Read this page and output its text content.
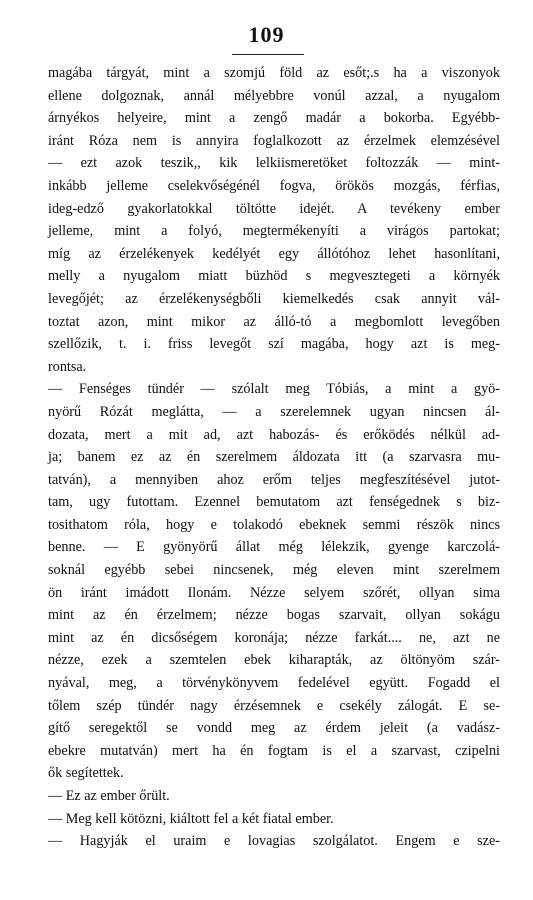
109
magába tárgyát, mint a szomjú föld az esőt;.s ha a viszonyok
ellene dolgoznak, annál mélyebbre vonúl azzal, a nyugalom
árnyékos helyeire, mint a zengő madár a bokorba. Egyébb-
iránt Róza nem is annyira foglalkozott az érzelmek elemzésével
— ezt azok teszik,, kik lelkiismeretöket foltozzák — mint-
inkább jelleme cselekvőségénél fogva, örökös mozgás, férfias,
ideg-edző gyakorlatokkal töltötte idejét. A tevékeny ember
jelleme, mint a folyó, megtermékenyíti a virágos partokat;
míg az érzelékenyek kedélyét egy állótóhoz lehet hasonlítani,
melly a nyugalom miatt büzhöd s megvesztegeti a környék
levegőjét; az érzelékenységbőli kiemelkedés csak annyit vál-
toztat azon, mint mikor az álló-tó a megbomlott levegőben
szellőzik, t. i. friss levegőt szí magába, hogy azt is meg-
rontsa.
— Fenséges tündér — szólalt meg Tóbiás, a mint a gyö-
nyörű Rózát meglátta, — a szerelemnek ugyan nincsen ál-
dozata, mert a mit ad, azt habozás- és erőködés nélkül ad-
ja; banem ez az én szerelmem áldozata itt (a szarvasra mu-
tatván), a mennyiben ahoz erőm teljes megfeszítésével jutot-
tam, ugy futottam. Ezennel bemutatom azt fenségednek s biz-
tosithatom róla, hogy e tolakodó ebeknek semmi részök nincs
benne. — E gyönyörű állat még lélekzik, gyenge karczolá-
soknál egyébb sebei nincsenek, még eleven mint szerelmem
ön iránt imádott Ilonám. Nézze selyem szőrét, ollyan sima
mint az én érzelmem; nézze bogas szarvait, ollyan sokágu
mint az én dicsőségem koronája; nézze farkát.... ne, azt ne
nézze, ezek a szemtelen ebek kiharapták, az öltönyöm szár-
nyával, meg, a törvénykönyvem fedelével együtt. Fogadd el
tőlem szép tündér nagy érzésemnek e csekély zálogát. E se-
gítő seregektől se vondd meg az érdem jeleit (a vadász-
ebekre mutatván) mert ha én fogtam is el a szarvast, czipelni
ők segítettek.
— Ez az ember őrült.
— Meg kell kötözni, kiáltott fel a két fiatal ember.
— Hagyják el uraim e lovagias szolgálatot. Engem e sze-
